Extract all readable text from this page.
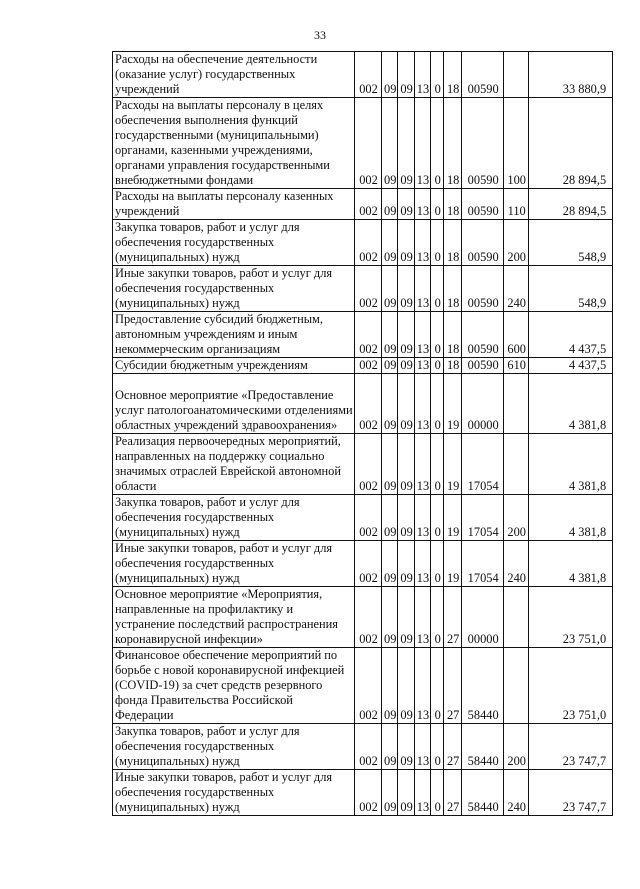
33
Расходы на обеспечение деятельности (оказание услуг) государственных учреждений	002	09	09	13	0	18	00590		33 880,9
Расходы на выплаты персоналу в целях обеспечения выполнения функций государственными (муниципальными) органами, казенными учреждениями, органами управления государственными внебюджетными фондами	002	09	09	13	0	18	00590	100	28 894,5
Расходы на выплаты персоналу казенных учреждений	002	09	09	13	0	18	00590	110	28 894,5
Закупка товаров, работ и услуг для обеспечения государственных (муниципальных) нужд	002	09	09	13	0	18	00590	200	548,9
Иные закупки товаров, работ и услуг для обеспечения государственных (муниципальных) нужд	002	09	09	13	0	18	00590	240	548,9
Предоставление субсидий бюджетным, автономным учреждениям и иным некоммерческим организациям	002	09	09	13	0	18	00590	600	4 437,5
Субсидии бюджетным учреждениям	002	09	09	13	0	18	00590	610	4 437,5
Основное мероприятие «Предоставление услуг патологоанатомическими отделениями областных учреждений здравоохранения»	002	09	09	13	0	19	00000		4 381,8
Реализация первоочередных мероприятий, направленных на поддержку социально значимых отраслей Еврейской автономной области	002	09	09	13	0	19	17054		4 381,8
Закупка товаров, работ и услуг для обеспечения государственных (муниципальных) нужд	002	09	09	13	0	19	17054	200	4 381,8
Иные закупки товаров, работ и услуг для обеспечения государственных (муниципальных) нужд	002	09	09	13	0	19	17054	240	4 381,8
Основное мероприятие «Мероприятия, направленные на профилактику и устранение последствий распространения коронавирусной инфекции»	002	09	09	13	0	27	00000		23 751,0
Финансовое обеспечение мероприятий по борьбе с новой коронавирусной инфекцией (COVID-19) за счет средств резервного фонда Правительства Российской Федерации	002	09	09	13	0	27	58440		23 751,0
Закупка товаров, работ и услуг для обеспечения государственных (муниципальных) нужд	002	09	09	13	0	27	58440	200	23 747,7
Иные закупки товаров, работ и услуг для обеспечения государственных (муниципальных) нужд	002	09	09	13	0	27	58440	240	23 747,7
